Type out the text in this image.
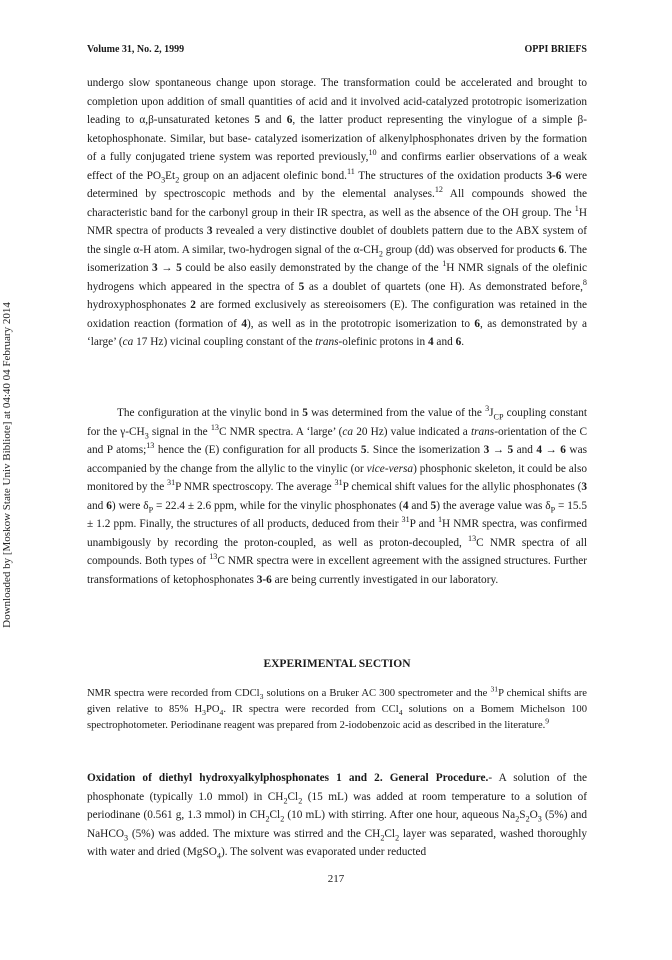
Volume 31, No. 2, 1999	OPPI BRIEFS
Downloaded by [Moskow State Univ Bibliote] at 04:40 04 February 2014
undergo slow spontaneous change upon storage. The transformation could be accelerated and brought to completion upon addition of small quantities of acid and it involved acid-catalyzed prototropic isomerization leading to α,β-unsaturated ketones 5 and 6, the latter product representing the vinylogue of a simple β-ketophosphonate. Similar, but base- catalyzed isomerization of alkenylphosphonates driven by the formation of a fully conjugated triene system was reported previously,$^{10}$ and confirms earlier observations of a weak effect of the $PO_3Et_2$ group on an adjacent olefinic bond.$^{11}$ The structures of the oxidation products 3-6 were determined by spectroscopic methods and by the elemental analyses.$^{12}$ All compounds showed the characteristic band for the carbonyl group in their IR spectra, as well as the absence of the OH group. The $^1$H NMR spectra of products 3 revealed a very distinctive doublet of doublets pattern due to the ABX system of the single α-H atom. A similar, two-hydrogen signal of the $\alpha-CH_2$ group (dd) was observed for products 6. The isomerization 3 → 5 could be also easily demonstrated by the change of the $^1$H NMR signals of the olefinic hydrogens which appeared in the spectra of 5 as a doublet of quartets (one H). As demonstrated before,$^8$ hydroxyphosphonates 2 are formed exclusively as stereoisomers (E). The configuration was retained in the oxidation reaction (formation of 4), as well as in the prototropic isomerization to 6, as demonstrated by a ‘large’ (ca 17 Hz) vicinal coupling constant of the trans-olefinic protons in 4 and 6.
The configuration at the vinylic bond in 5 was determined from the value of the $^3J_{CP}$ coupling constant for the $\gamma-CH_3$ signal in the $^{13}$C NMR spectra. A ‘large’ (ca 20 Hz) value indicated a trans-orientation of the C and P atoms;$^{13}$ hence the (E) configuration for all products 5. Since the isomerization 3 → 5 and 4 → 6 was accompanied by the change from the allylic to the vinylic (or vice-versa) phosphonic skeleton, it could be also monitored by the $^{31}$P NMR spectroscopy. The average $^{31}$P chemical shift values for the allylic phosphonates (3 and 6) were $\delta_P = 22.4 \pm 2.6$ ppm, while for the vinylic phosphonates (4 and 5) the average value was $\delta_P = 15.5 \pm 1.2$ ppm. Finally, the structures of all products, deduced from their $^{31}$P and $^1$H NMR spectra, was confirmed unambigously by recording the proton-coupled, as well as proton-decoupled, $^{13}$C NMR spectra of all compounds. Both types of $^{13}$C NMR spectra were in excellent agreement with the assigned structures. Further transformations of ketophosphonates 3-6 are being currently investigated in our laboratory.
EXPERIMENTAL SECTION
NMR spectra were recorded from CDCl$_3$ solutions on a Bruker AC 300 spectrometer and the $^{31}$P chemical shifts are given relative to 85% $H_3PO_4$. IR spectra were recorded from CCl$_4$ solutions on a Bomem Michelson 100 spectrophotometer. Periodinane reagent was prepared from 2-iodobenzoic acid as described in the literature.$^9$
Oxidation of diethyl hydroxyalkylphosphonates 1 and 2. General Procedure.- A solution of the phosphonate (typically 1.0 mmol) in $CH_2Cl_2$ (15 mL) was added at room temperature to a solution of periodinane (0.561 g, 1.3 mmol) in $CH_2Cl_2$ (10 mL) with stirring. After one hour, aqueous $Na_2S_2O_3$ (5%) and NaHCO$_3$ (5%) was added. The mixture was stirred and the $CH_2Cl_2$ layer was separated, washed thoroughly with water and dried (MgSO$_4$). The solvent was evaporated under reducted
217
